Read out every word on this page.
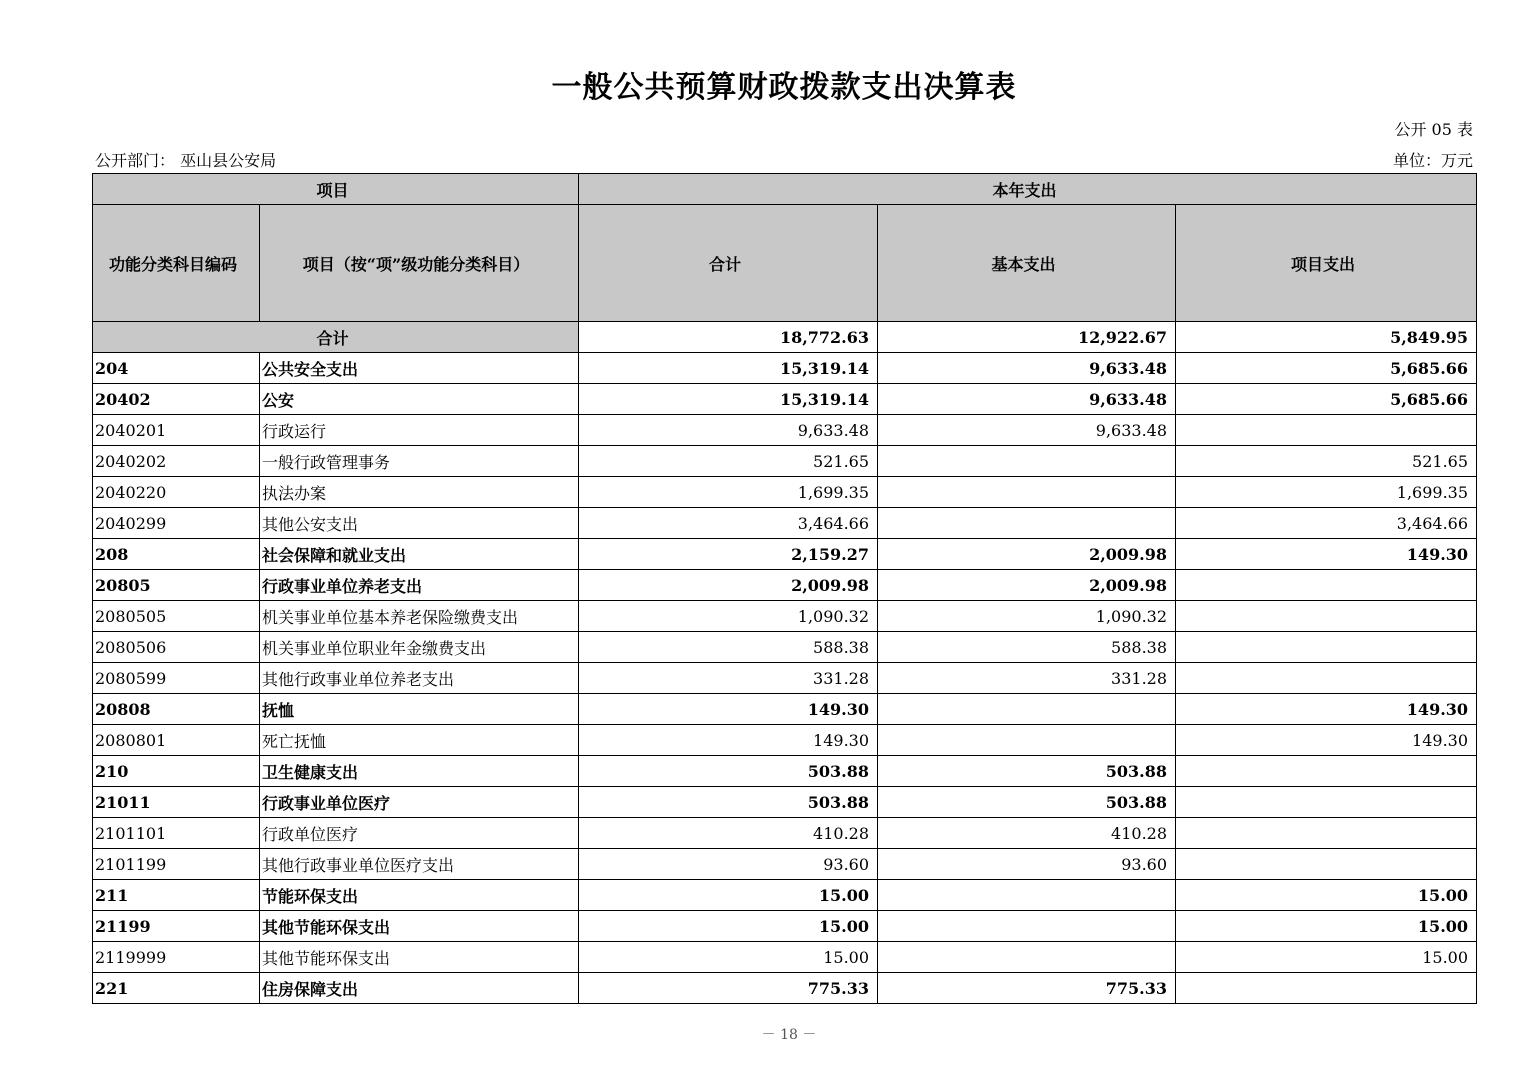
一般公共预算财政拨款支出决算表
公开 05 表
公开部门： 巫山县公安局	单位：万元
项目		本年支出		
功能分类科目编码	项目（按“项”级功能分类科目）	合计	基本支出	项目支出
合计		18,772.63	12,922.67	5,849.95
204	公共安全支出	15,319.14	9,633.48	5,685.66
20402	公安	15,319.14	9,633.48	5,685.66
2040201	行政运行	9,633.48	9,633.48	
2040202	一般行政管理事务	521.65		521.65
2040220	执法办案	1,699.35		1,699.35
2040299	其他公安支出	3,464.66		3,464.66
208	社会保障和就业支出	2,159.27	2,009.98	149.30
20805	行政事业单位养老支出	2,009.98	2,009.98	
2080505	机关事业单位基本养老保险缴费支出	1,090.32	1,090.32	
2080506	机关事业单位职业年金缴费支出	588.38	588.38	
2080599	其他行政事业单位养老支出	331.28	331.28	
20808	抚恤	149.30		149.30
2080801	死亡抚恤	149.30		149.30
210	卫生健康支出	503.88	503.88	
21011	行政事业单位医疗	503.88	503.88	
2101101	行政单位医疗	410.28	410.28	
2101199	其他行政事业单位医疗支出	93.60	93.60	
211	节能环保支出	15.00		15.00
21199	其他节能环保支出	15.00		15.00
2119999	其他节能环保支出	15.00		15.00
221	住房保障支出	775.33	775.33	
－ 18 －
